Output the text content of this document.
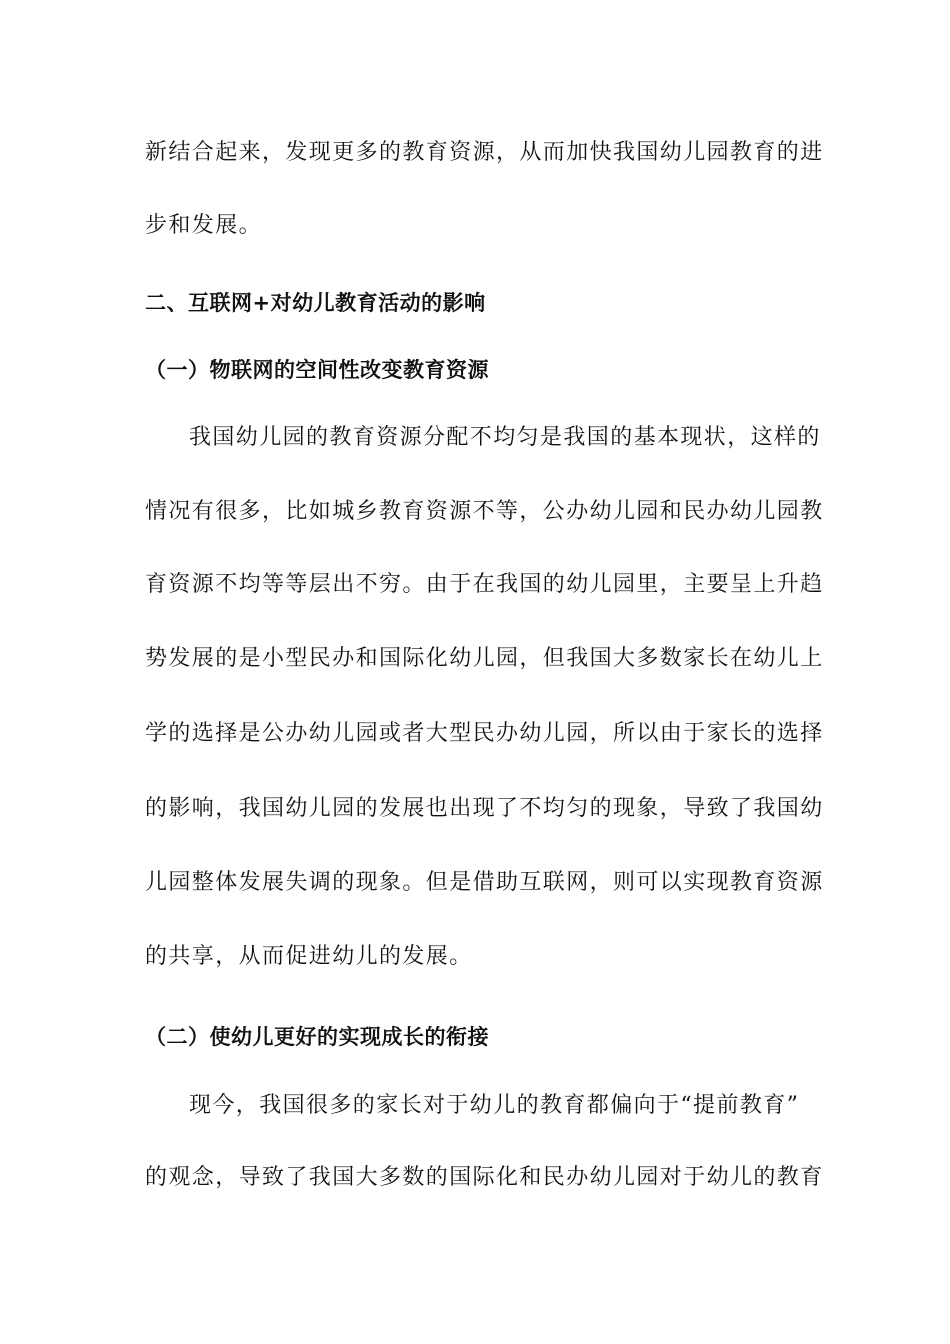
新结合起来，发现更多的教育资源，从而加快我国幼儿园教育的进
步和发展。
二、互联网+对幼儿教育活动的影响
（一）物联网的空间性改变教育资源
我国幼儿园的教育资源分配不均匀是我国的基本现状，这样的
情况有很多，比如城乡教育资源不等，公办幼儿园和民办幼儿园教
育资源不均等等层出不穷。由于在我国的幼儿园里，主要呈上升趋
势发展的是小型民办和国际化幼儿园，但我国大多数家长在幼儿上
学的选择是公办幼儿园或者大型民办幼儿园，所以由于家长的选择
的影响，我国幼儿园的发展也出现了不均匀的现象，导致了我国幼
儿园整体发展失调的现象。但是借助互联网，则可以实现教育资源
的共享，从而促进幼儿的发展。
（二）使幼儿更好的实现成长的衔接
现今，我国很多的家长对于幼儿的教育都偏向于“提前教育”
的观念，导致了我国大多数的国际化和民办幼儿园对于幼儿的教育
